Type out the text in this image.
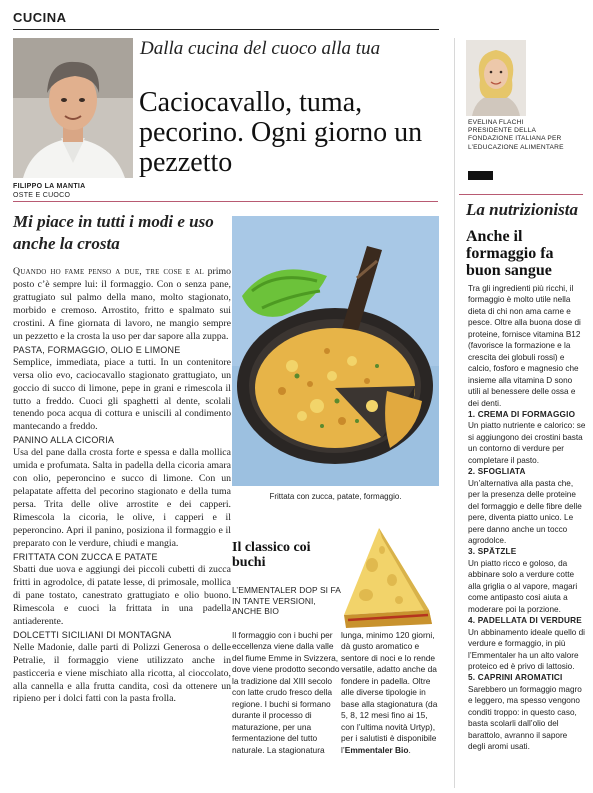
CUCINA
FILIPPO LA MANTIA
OSTE E CUOCO
Dalla cucina del cuoco alla tua
Caciocavallo, tuma, pecorino. Ogni giorno un pezzetto
Mi piace in tutti i modi e uso anche la crosta

Quando ho fame penso a due, tre cose e al primo posto c’è sempre lui: il formaggio. Con o senza pane, grattugiato sul palmo della mano, molto stagionato, morbido e cremoso. Arrostito, fritto e spalmato sui crostini. A fine giornata di lavoro, ne mangio sempre un pezzetto e la crosta la uso per dar sapore alla zuppa.

PASTA, FORMAGGIO, OLIO E LIMONE

Semplice, immediata, piace a tutti. In un contenitore versa olio evo, caciocavallo stagionato grattugiato, un goccio di succo di limone, pepe in grani e rimescola il tutto a freddo. Cuoci gli spaghetti al dente, scolali tenendo poca acqua di cottura e uniscili al condimento mantecando a freddo.

PANINO ALLA CICORIA

Usa del pane dalla crosta forte e spessa e dalla mollica umida e profumata. Salta in padella della cicoria amara con olio, peperoncino e succo di limone. Con un pelapatate affetta del pecorino stagionato e della tuma persa. Trita delle olive arrostite e dei capperi. Rimescola la cicoria, le olive, i capperi e il peperoncino. Apri il panino, posiziona il formaggio e il preparato con le verdure, chiudi e mangia.

FRITTATA CON ZUCCA E PATATE

Sbatti due uova e aggiungi dei piccoli cubetti di zucca fritti in agrodolce, di patate lesse, di primosale, mollica di pane tostato, canestrato grattugiato e olio buono. Rimescola e cuoci la frittata in una padella antiaderente.

DOLCETTI SICILIANI DI MONTAGNA

Nelle Madonie, dalle parti di Polizzi Generosa o delle Petralie, il formaggio viene utilizzato anche in pasticceria e viene mischiato alla ricotta, al cioccolato, alla cannella e alla frutta candita, così da ottenere un ripieno per i dolci fatti con la pasta frolla.

Frittata con zucca, patate, formaggio.
Il classico coi buchi
L’EMMENTALER DOP SI FA IN TANTE VERSIONI, ANCHE BIO
Il formaggio con i buchi per eccellenza viene dalla valle del fiume Emme in Svizzera, dove viene prodotto secondo la tradizione dal XIII secolo con latte crudo fresco della regione. I buchi si formano durante il processo di maturazione, per una fermentazione del tutto naturale. La stagionatura
lunga, minimo 120 giorni, dà gusto aromatico e sentore di noci e lo rende versatile, adatto anche da fondere in padella. Oltre alle diverse tipologie in base alla stagionatura (da 5, 8, 12 mesi fino ai 15, con l’ultima novità Urtyp), per i salutisti è disponibile l’Emmentaler Bio.
EVELINA FLACHI
PRESIDENTE DELLA FONDAZIONE ITALIANA PER L’EDUCAZIONE ALIMENTARE
La nutrizionista
Anche il formaggio fa buon sangue
Tra gli ingredienti più ricchi, il formaggio è molto utile nella dieta di chi non ama carne e pesce. Oltre alla buona dose di proteine, fornisce vitamina B12 (favorisce la formazione e la crescita dei globuli rossi) e calcio, fosforo e magnesio che insieme alla vitamina D sono utili al benessere delle ossa e dei denti.
1. CREMA DI FORMAGGIO
Un piatto nutriente e calorico: se si aggiungono dei crostini basta un contorno di verdure per completare il pasto.
2. SFOGLIATA
Un’alternativa alla pasta che, per la presenza delle proteine del formaggio e delle fibre delle pere, diventa piatto unico. Le pere danno anche un tocco agrodolce.
3. SPÄTZLE
Un piatto ricco e goloso, da abbinare solo a verdure cotte alla griglia o al vapore, magari come antipasto così aiuta a moderare poi la porzione.
4. PADELLATA DI VERDURE
Un abbinamento ideale quello di verdure e formaggio, in più l’Emmentaler ha un alto valore proteico ed è privo di lattosio.
5. CAPRINI AROMATICI
Sarebbero un formaggio magro e leggero, ma spesso vengono conditi troppo: in questo caso, basta scolarli dall’olio del barattolo, avranno il sapore degli aromi usati.
